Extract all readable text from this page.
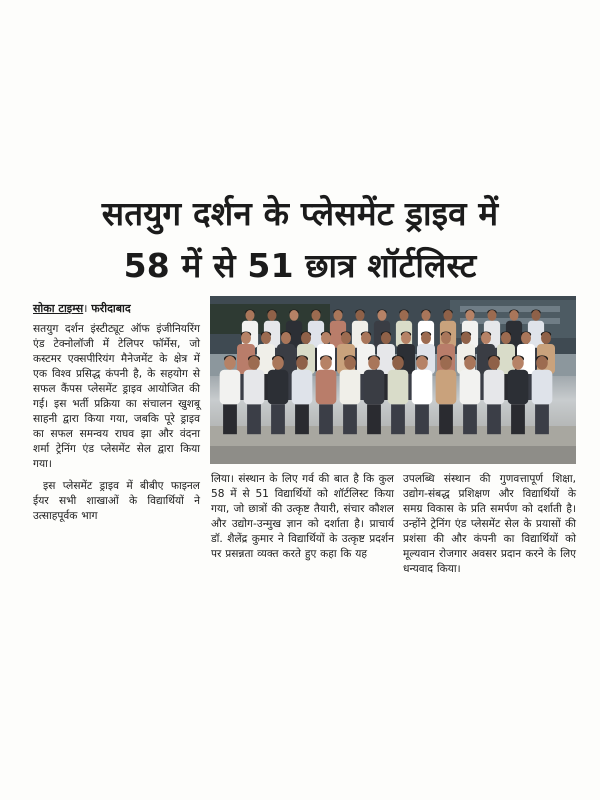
सतयुग दर्शन के प्लेसमेंट ड्राइव में
58 में से 51 छात्र शॉर्टलिस्ट
सोका टाइम्स। फरीदाबाद

सतयुग दर्शन इंस्टीट्यूट ऑफ इंजीनियरिंग एंड टेक्नोलॉजी में टेलिपर फॉर्मेस, जो कस्टमर एक्सपीरियंग मैनेजमेंट के क्षेत्र में एक विश्व प्रसिद्ध कंपनी है, के सहयोग से सफल कैंपस प्लेसमेंट ड्राइव आयोजित की गई। इस भर्ती प्रक्रिया का संचालन खुशबू साहनी द्वारा किया गया, जबकि पूरे ड्राइव का सफल समन्वय राघव झा और वंदना शर्मा ट्रेनिंग एंड प्लेसमेंट सेल द्वारा किया गया।

इस प्लेसमेंट ड्राइव में बीबीए फाइनल ईयर सभी शाखाओं के विद्यार्थियों ने उत्साहपूर्वक भाग

लिया। संस्थान के लिए गर्व की बात है कि कुल 58 में से 51 विद्यार्थियों को शॉर्टलिस्ट किया गया, जो छात्रों की उत्कृष्ट तैयारी, संचार कौशल और उद्योग-उन्मुख ज्ञान को दर्शाता है। प्राचार्य डॉ. शैलेंद्र कुमार ने विद्यार्थियों के उत्कृष्ट प्रदर्शन पर प्रसन्नता व्यक्त करते हुए कहा कि यह

उपलब्धि संस्थान की गुणवत्तापूर्ण शिक्षा, उद्योग-संबद्ध प्रशिक्षण और विद्यार्थियों के समग्र विकास के प्रति समर्पण को दर्शाती है। उन्होंने ट्रेनिंग एंड प्लेसमेंट सेल के प्रयासों की प्रशंसा की और कंपनी का विद्यार्थियों को मूल्यवान रोजगार अवसर प्रदान करने के लिए धन्यवाद किया।
